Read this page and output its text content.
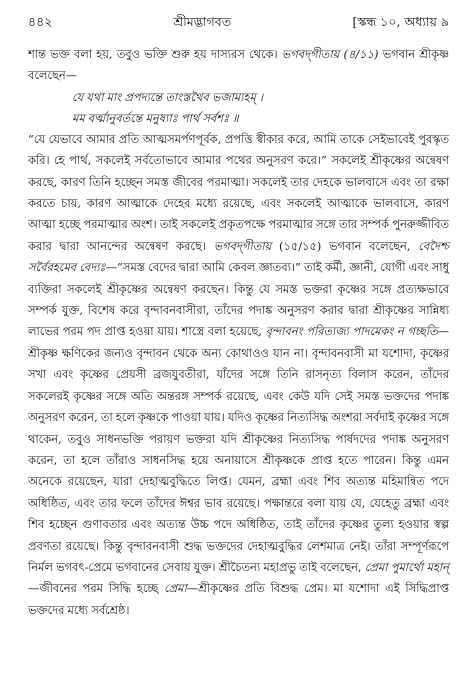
৪৪২	শ্রীমদ্ভাগবত	[স্কন্ধ ১০, অধ্যায় ৯

শান্ত ভক্ত বলা হয়, তবুও ভক্তি শুরু হয় দাস্যরস থেকে। ভগবদ্‌গীতায় (৪/১১) ভগবান শ্রীকৃষ্ণ বলেছেন—

যে যথা মাং প্রপদ্যন্তে তাংস্তথৈব ভজাম্যহম্ ।

মম বর্ত্মানুবর্তন্তে মনুষ্যাঃ পার্থ সর্বশঃ ॥

“যে যেভাবে আমার প্রতি আত্মসমর্পণপূর্বক, প্রপত্তি স্বীকার করে, আমি তাকে সেইভাবেই পুরস্কৃত করি। হে পার্থ, সকলেই সর্বতোভাবে আমার পথের অনুসরণ করে।” সকলেই শ্রীকৃষ্ণের অন্বেষণ করছে, কারণ তিনি হচ্ছেন সমস্ত জীবের পরমাত্মা। সকলেই তার দেহকে ভালবাসে এবং তা রক্ষা করতে চায়, কারণ আত্মাকে দেহের মধ্যে রয়েছে, এবং সকলেই আত্মাকে ভালবাসে, কারণ আত্মা হচ্ছে পরমাত্মার অংশ। তাই সকলেই প্রকৃতপক্ষে পরমাত্মার সঙ্গে তার সম্পর্ক পুনরুজ্জীবিত করার দ্বারা আনন্দের অন্বেষণ করছে। ভগবদ্‌গীতায় (১৫/১৫) ভগবান বলেছেন, বেদৈশ্চ সর্বৈরহমেব বেদ্যঃ—“সমস্ত বেদের দ্বারা আমি কেবল জ্ঞাতব্য।” তাই কর্মী, জ্ঞানী, যোগী এবং সাধু ব্যক্তিরা সকলেই শ্রীকৃষ্ণের অন্বেষণ করছেন। কিন্তু যে সমস্ত ভক্তরা কৃষ্ণের সঙ্গে প্রত্যক্ষভাবে সম্পর্ক যুক্ত, বিশেষ করে বৃন্দাবনবাসীরা, তাঁদের পদাঙ্ক অনুসরণ করার দ্বারা শ্রীকৃষ্ণের সান্নিধ্য লাভের পরম পদ প্রাপ্ত হওয়া যায়। শাস্ত্রে বলা হয়েছে, বৃন্দাবনং পরিত্যজ্য পাদমেকং ন গচ্ছতি—শ্রীকৃষ্ণ ক্ষণিকের জন্যও বৃন্দাবন থেকে অন্য কোথাওও যান না। বৃন্দাবনবাসী মা যশোদা, কৃষ্ণের সখা এবং কৃষ্ণের প্রেয়সী ব্রজযুবতীরা, যাঁদের সঙ্গে তিনি রাসনৃত্য বিলাস করেন, তাঁদের সকলেরই কৃষ্ণের সঙ্গে অতি অন্তরঙ্গ সম্পর্ক রয়েছে, এবং কেউ যদি সেই সমস্ত ভক্তদের পদাঙ্ক অনুসরণ করেন, তা হলে কৃষ্ণকে পাওয়া যায়। যদিও কৃষ্ণের নিত্যসিদ্ধ অংশরা সর্বদাই কৃষ্ণের সঙ্গে থাকেন, তবুও সাধনভক্তি পরায়ণ ভক্তরা যদি শ্রীকৃষ্ণের নিত্যসিদ্ধ পার্ষদদের পদাঙ্ক অনুসরণ করেন, তা হলে তাঁরাও সাধনসিদ্ধ হয়ে অনায়াসে শ্রীকৃষ্ণকে প্রাপ্ত হতে পারেন। কিন্তু এমন অনেকে রয়েছেন, যারা দেহাত্মবুদ্ধিতে লিপ্ত। যেমন, ব্রহ্মা এবং শিব অত্যন্ত মহিমান্বিত পদে অধিষ্ঠিত, এবং তার ফলে তাঁদের ঈশ্বর ভাব রয়েছে। পক্ষান্তরে বলা যায় যে, যেহেতু ব্রহ্মা এবং শিব হচ্ছেন গুণাবতার এবং অত্যন্ত উচ্চ পদে অধিষ্ঠিত, তাই তাঁদের কৃষ্ণের তুল্য হওয়ার স্বল্প প্রবণতা রয়েছে। কিন্তু বৃন্দাবনবাসী শুদ্ধ ভক্তদের দেহাত্মবুদ্ধির লেশমাত্র নেই। তাঁরা সম্পূর্ণরূপে নির্মল ভগবৎ-প্রেমে ভগবানের সেবায় যুক্ত। শ্রীচৈতন্য মহাপ্রভু তাই বলেছেন, প্রেমা পুমার্থো মহান্—জীবনের পরম সিদ্ধি হচ্ছে প্রেমা—শ্রীকৃষ্ণের প্রতি বিশুদ্ধ প্রেম। মা যশোদা এই সিদ্ধিপ্রাপ্ত ভক্তদের মধ্যে সর্বশ্রেষ্ঠ।
